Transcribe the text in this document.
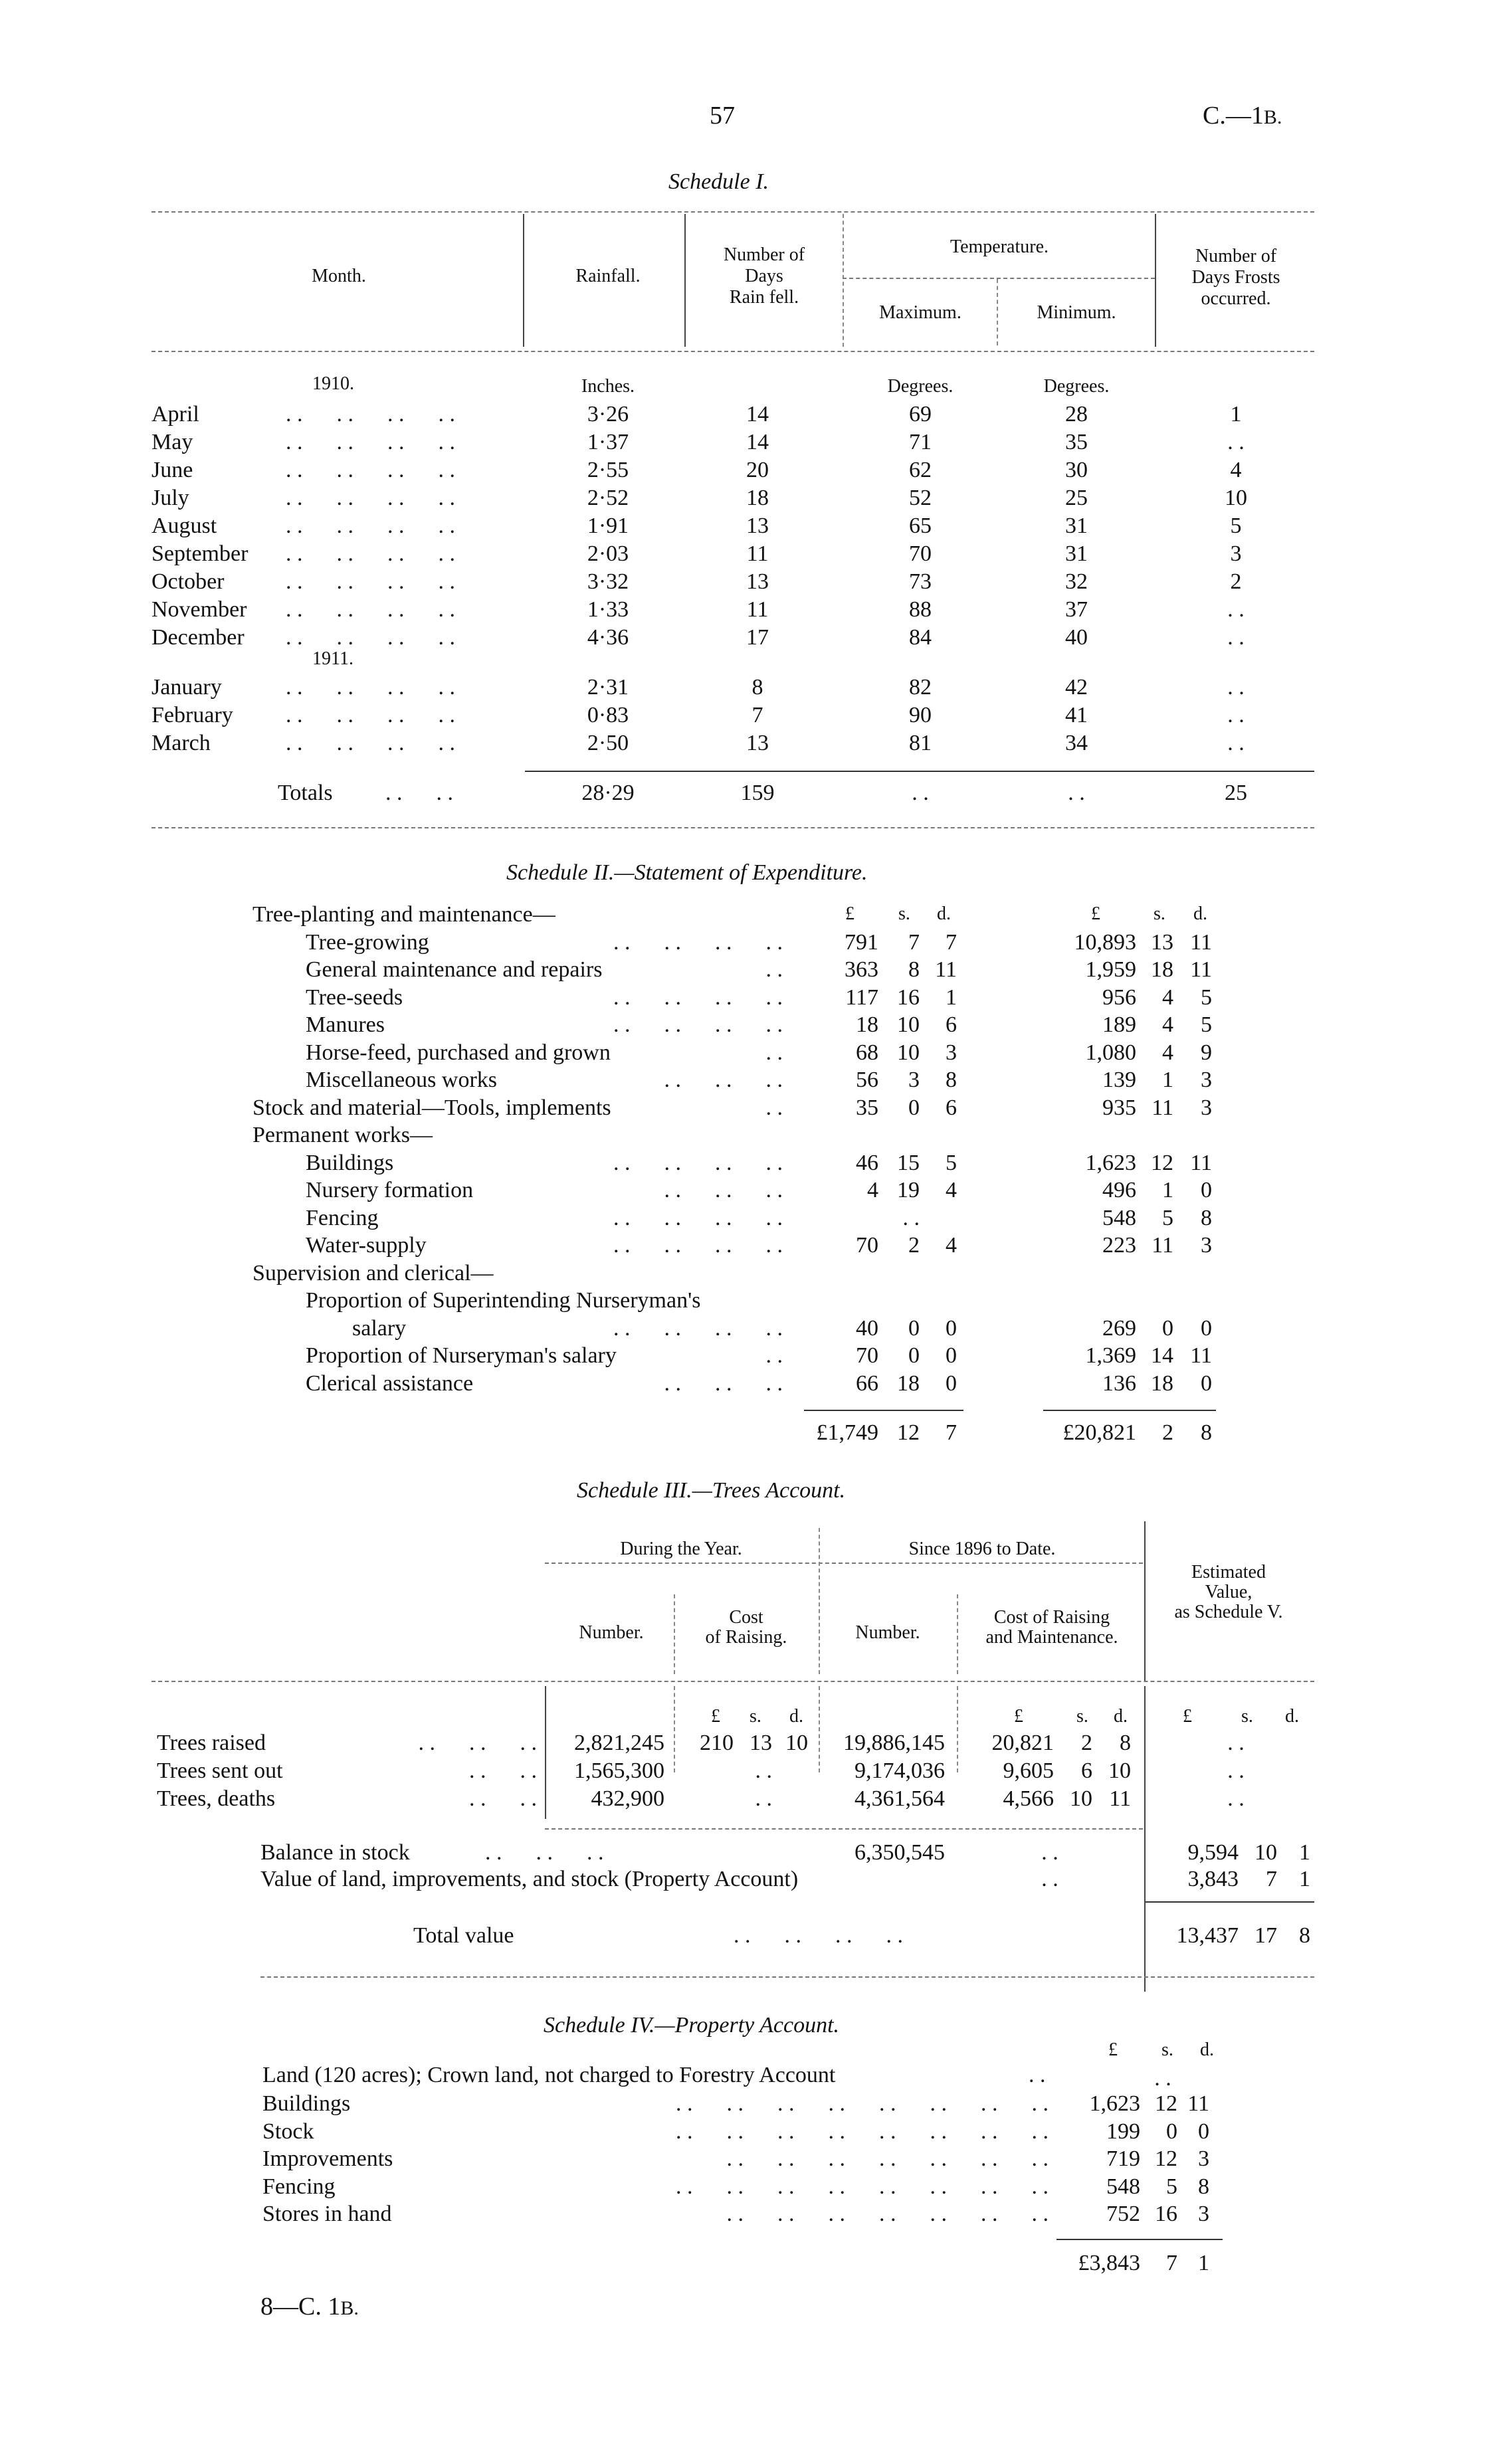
57	C.—1B.
Schedule I.
Month.	Rainfall.
Number of
Days
Rain fell.
Temperature.
Maximum.	Minimum.
Number of
Days Frosts
occurred.
1910.	Inches.	Degrees.	Degrees.
1911.
April	. .      . .      . .      . .	3·26	14	69	28	1
May	. .      . .      . .      . .	1·37	14	71	35	. .
June	. .      . .      . .      . .	2·55	20	62	30	4
July	. .      . .      . .      . .	2·52	18	52	25	10
August	. .      . .      . .      . .	1·91	13	65	31	5
September . .      . .      . .      . .	2·03	11	70	31	3
October	. .      . .      . .      . .	3·32	13	73	32	2
November . .      . .      . .      . .	1·33	11	88	37	. .
December . .      . .      . .      . .	4·36	17	84	40	. .
January	. .      . .      . .      . .	2·31	8	82	42	. .
February . .      . .      . .      . .	0·83	7	90	41	. .
March	. .      . .      . .      . .	2·50	13	81	34	. .
Totals . .      . .	28·29	159	. .	. .	25
Schedule II.—Statement of Expenditure.
£ s. d.	£	s. d.
Tree-planting and maintenance—
Tree-growing	. .      . .      . .      . .	791	7	7	10,893 13 11
General maintenance and repairs	. .	363	8 11	1,959 18 11
Tree-seeds	. .      . .      . .      . .	117 16	1	956	4	5
Manures	. .      . .      . .      . .	18 10	6	189	4	5
Horse-feed, purchased and grown	. .	68 10	3	1,080	4	9
Miscellaneous works	. .      . .      . .	56	3	8	139	1	3
Stock and material—Tools, implements	. .	35	0	6	935 11	3
Permanent works—
Buildings	. .      . .      . .      . .	46 15	5	1,623 12 11
Nursery formation	. .      . .      . .	4 19	4	496	1	0
Fencing	. .      . .      . .      . .	. .	548	5	8
Water-supply	. .      . .      . .      . .	70	2	4	223 11	3
Supervision and clerical—
Proportion of Superintending Nurseryman's
salary	. .      . .      . .      . .	40	0	0	269	0	0
Proportion of Nurseryman's salary	. .	70	0	0	1,369 14 11
Clerical assistance	. .      . .      . .	66 18	0	136 18	0
£1,749 12	7	£20,821	2	8
Schedule III.—Trees Account.
During the Year.	Since 1896 to Date.
Estimated
Value,
as Schedule V.
Number.
Cost
of Raising.	Number.
Cost of Raising
and Maintenance.
£ s. d.	£	s. d.	£	s. d.
Trees raised	. .      . .      . .	2,821,245	210 13 10	19,886,145	20,821	2	8	. .
Trees sent out	. .      . .	1,565,300	. .	9,174,036	9,605	6 10	. .
Trees, deaths	. .      . .	432,900	. .	4,361,564	4,566 10 11	. .
Balance in stock	. .      . .      . .	6,350,545	. .	9,594 10 1
Value of land, improvements, and stock (Property Account)	. .	3,843	7 1
Total value	. .      . .      . .      . .	13,437 17 8
Schedule IV.—Property Account.
£ s. d.
Land (120 acres); Crown land, not charged to Forestry Account	. .	. .
Buildings	. .      . .      . .      . .      . .      . .      . .      . .	1,623 12 11
Stock	. .      . .      . .      . .      . .      . .      . .      . .	199	0 0
Improvements	. .      . .      . .      . .      . .      . .      . .	719 12 3
Fencing	. .      . .      . .      . .      . .      . .      . .      . .	548	5 8
Stores in hand	. .      . .      . .      . .      . .      . .      . .	752 16 3
£3,843	7 1
8—C. 1B.
